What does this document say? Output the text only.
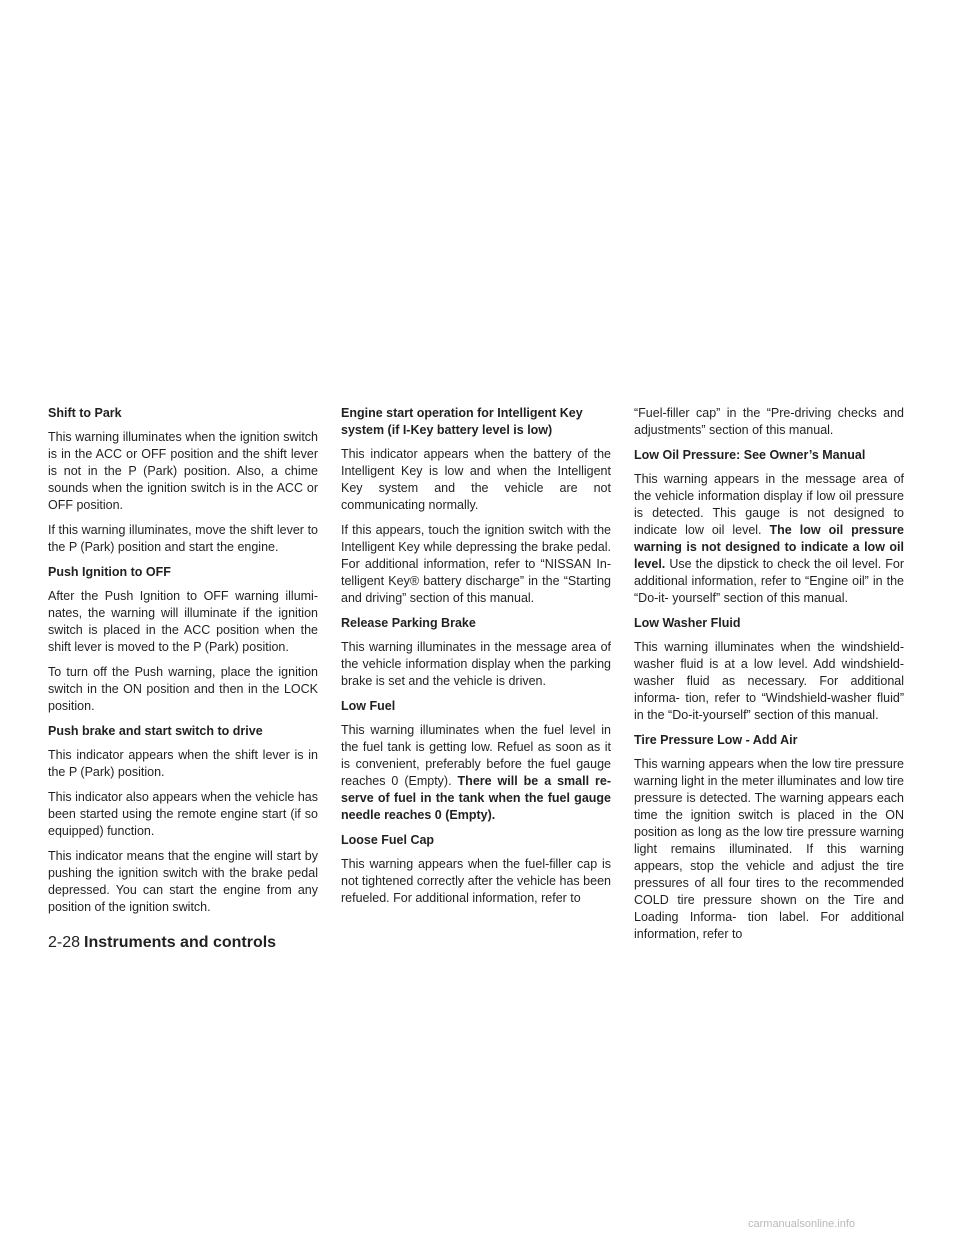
Shift to Park

This warning illuminates when the ignition switch is in the ACC or OFF position and the shift lever is not in the P (Park) position. Also, a chime sounds when the ignition switch is in the ACC or OFF position.

If this warning illuminates, move the shift lever to the P (Park) position and start the engine.

Push Ignition to OFF

After the Push Ignition to OFF warning illumi- nates, the warning will illuminate if the ignition switch is placed in the ACC position when the shift lever is moved to the P (Park) position.

To turn off the Push warning, place the ignition switch in the ON position and then in the LOCK position.

Push brake and start switch to drive

This indicator appears when the shift lever is in the P (Park) position.

This indicator also appears when the vehicle has been started using the remote engine start (if so equipped) function.

This indicator means that the engine will start by pushing the ignition switch with the brake pedal depressed. You can start the engine from any position of the ignition switch.

Engine start operation for Intelligent Key system (if I-Key battery level is low)

This indicator appears when the battery of the Intelligent Key is low and when the Intelligent Key system and the vehicle are not communicating normally.

If this appears, touch the ignition switch with the Intelligent Key while depressing the brake pedal. For additional information, refer to “NISSAN In- telligent Key® battery discharge” in the “Starting and driving” section of this manual.

Release Parking Brake

This warning illuminates in the message area of the vehicle information display when the parking brake is set and the vehicle is driven.

Low Fuel

This warning illuminates when the fuel level in the fuel tank is getting low. Refuel as soon as it is convenient, preferably before the fuel gauge reaches 0 (Empty). There will be a small re- serve of fuel in the tank when the fuel gauge needle reaches 0 (Empty).

Loose Fuel Cap

This warning appears when the fuel-filler cap is not tightened correctly after the vehicle has been refueled. For additional information, refer to

“Fuel-filler cap” in the “Pre-driving checks and adjustments” section of this manual.

Low Oil Pressure: See Owner’s Manual

This warning appears in the message area of the vehicle information display if low oil pressure is detected. This gauge is not designed to indicate low oil level. The low oil pressure warning is not designed to indicate a low oil level. Use the dipstick to check the oil level. For additional information, refer to “Engine oil” in the “Do-it- yourself” section of this manual.

Low Washer Fluid

This warning illuminates when the windshield- washer fluid is at a low level. Add windshield- washer fluid as necessary. For additional informa- tion, refer to “Windshield-washer fluid” in the “Do-it-yourself” section of this manual.

Tire Pressure Low - Add Air

This warning appears when the low tire pressure warning light in the meter illuminates and low tire pressure is detected. The warning appears each time the ignition switch is placed in the ON position as long as the low tire pressure warning light remains illuminated. If this warning appears, stop the vehicle and adjust the tire pressures of all four tires to the recommended COLD tire pressure shown on the Tire and Loading Informa- tion label. For additional information, refer to

2-28 Instruments and controls
carmanualsonline.info
